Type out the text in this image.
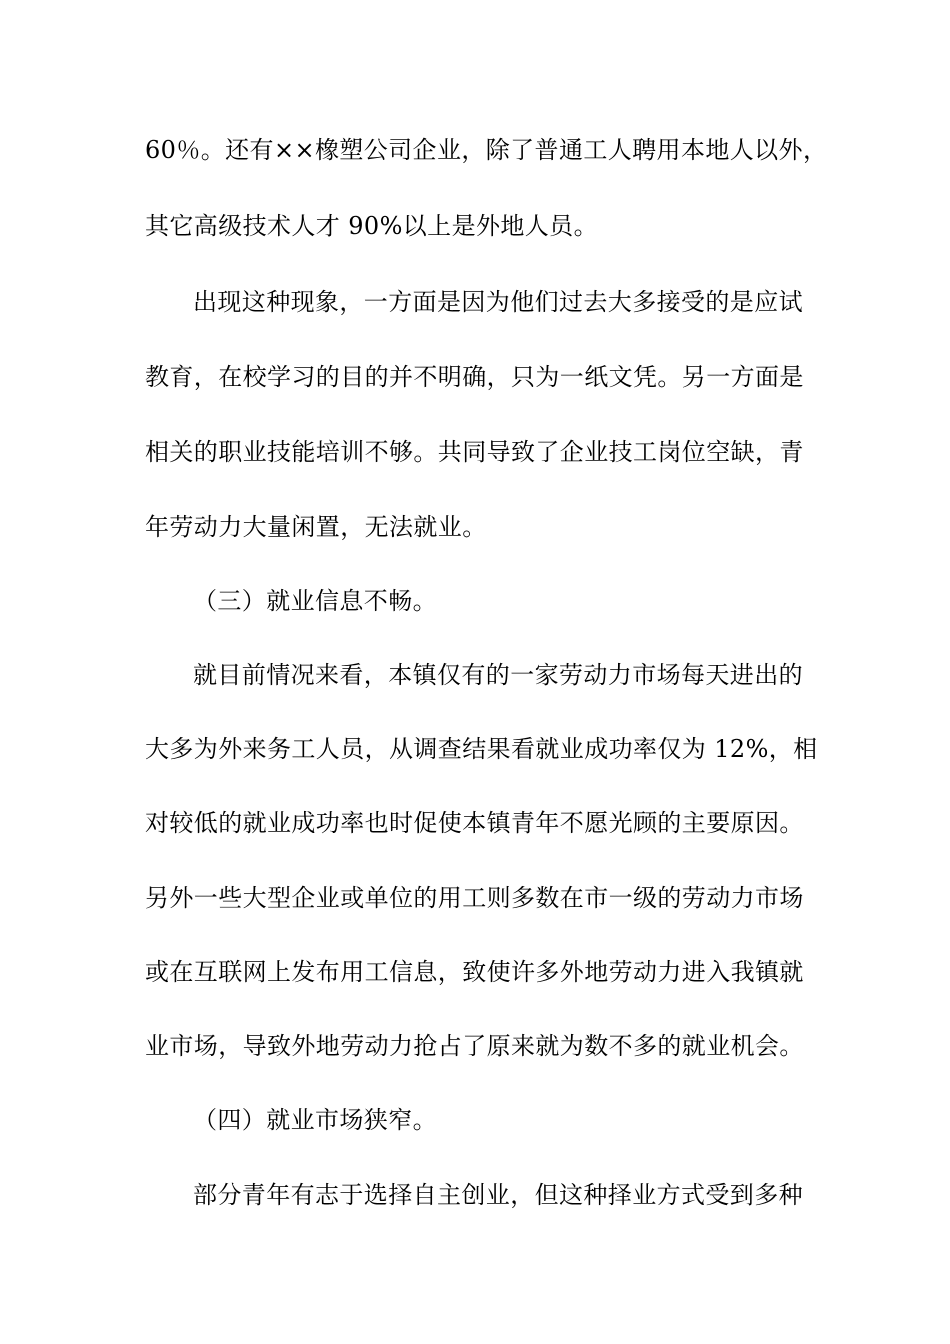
60％。还有××橡塑公司企业，除了普通工人聘用本地人以外，
其它高级技术人才 90%以上是外地人员。
出现这种现象，一方面是因为他们过去大多接受的是应试
教育，在校学习的目的并不明确，只为一纸文凭。另一方面是
相关的职业技能培训不够。共同导致了企业技工岗位空缺，青
年劳动力大量闲置，无法就业。
（三）就业信息不畅。
就目前情况来看，本镇仅有的一家劳动力市场每天进出的
大多为外来务工人员，从调查结果看就业成功率仅为 12%，相
对较低的就业成功率也时促使本镇青年不愿光顾的主要原因。
另外一些大型企业或单位的用工则多数在市一级的劳动力市场
或在互联网上发布用工信息，致使许多外地劳动力进入我镇就
业市场，导致外地劳动力抢占了原来就为数不多的就业机会。
（四）就业市场狭窄。
部分青年有志于选择自主创业，但这种择业方式受到多种
